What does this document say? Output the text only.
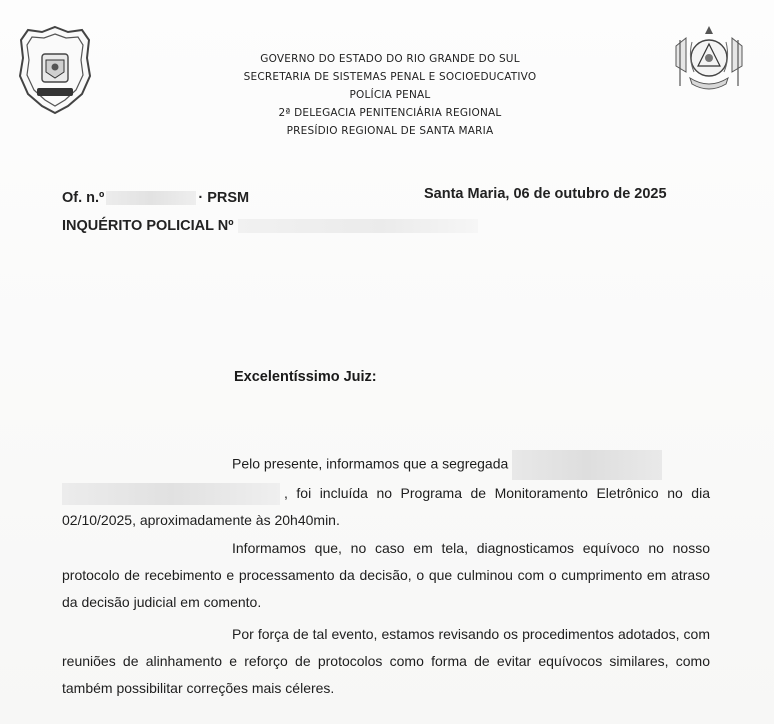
GOVERNO DO ESTADO DO RIO GRANDE DO SUL
SECRETARIA DE SISTEMAS PENAL E SOCIOEDUCATIVO
POLÍCIA PENAL
2ª DELEGACIA PENITENCIÁRIA REGIONAL
PRESÍDIO REGIONAL DE SANTA MARIA
Of. n.º	· PRSM	Santa Maria, 06 de outubro de 2025
INQUÉRITO POLICIAL Nº
Excelentíssimo Juiz:
Pelo presente, informamos que a segregada
, foi incluída no Programa de Monitoramento Eletrônico no dia 02/10/2025, aproximadamente às 20h40min.
Informamos que, no caso em tela, diagnosticamos equívoco no nosso protocolo de recebimento e processamento da decisão, o que culminou com o cumprimento em atraso da decisão judicial em comento.
Por força de tal evento, estamos revisando os procedimentos adotados, com reuniões de alinhamento e reforço de protocolos como forma de evitar equívocos similares, como também possibilitar correções mais céleres.
